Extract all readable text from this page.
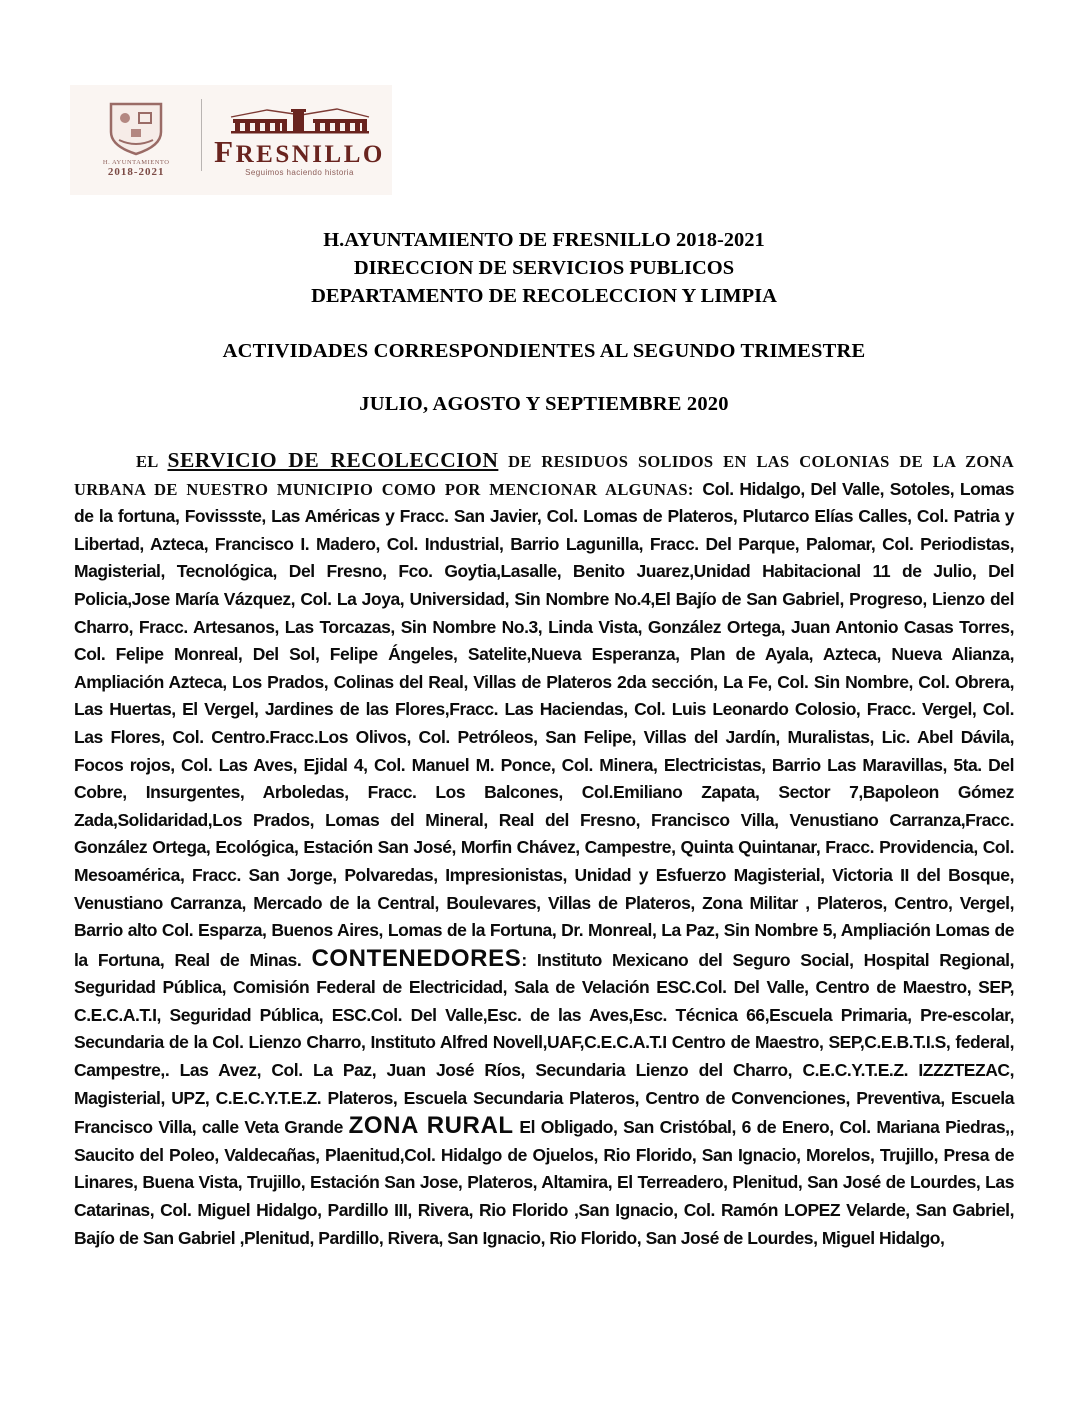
H. AYUNTAMIENTO
2018-2021
FRESNILLO
Seguimos haciendo historia
H.AYUNTAMIENTO DE FRESNILLO 2018-2021
DIRECCION DE SERVICIOS PUBLICOS
DEPARTAMENTO DE RECOLECCION Y LIMPIA
ACTIVIDADES CORRESPONDIENTES AL SEGUNDO TRIMESTRE
JULIO, AGOSTO Y SEPTIEMBRE 2020
EL SERVICIO DE RECOLECCION DE RESIDUOS SOLIDOS EN LAS COLONIAS DE LA ZONA URBANA DE NUESTRO MUNICIPIO COMO POR MENCIONAR ALGUNAS: Col. Hidalgo, Del Valle, Sotoles, Lomas de la fortuna, Fovissste, Las Américas y Fracc. San Javier, Col. Lomas de Plateros, Plutarco Elías Calles, Col. Patria y Libertad, Azteca, Francisco I. Madero, Col. Industrial, Barrio Lagunilla, Fracc. Del Parque, Palomar, Col. Periodistas, Magisterial, Tecnológica, Del Fresno, Fco. Goytia,Lasalle, Benito Juarez,Unidad Habitacional 11 de Julio, Del Policia,Jose María Vázquez, Col. La Joya, Universidad, Sin Nombre No.4,El Bajío de San Gabriel, Progreso, Lienzo del Charro, Fracc. Artesanos, Las Torcazas, Sin Nombre No.3, Linda Vista, González Ortega, Juan Antonio Casas Torres, Col. Felipe Monreal, Del Sol, Felipe Ángeles, Satelite,Nueva Esperanza, Plan de Ayala, Azteca, Nueva Alianza, Ampliación Azteca, Los Prados, Colinas del Real, Villas de Plateros 2da sección, La Fe, Col. Sin Nombre, Col. Obrera, Las Huertas, El Vergel, Jardines de las Flores,Fracc. Las Haciendas, Col. Luis Leonardo Colosio, Fracc. Vergel, Col. Las Flores, Col. Centro.Fracc.Los Olivos, Col. Petróleos, San Felipe, Villas del Jardín, Muralistas, Lic. Abel Dávila, Focos rojos, Col. Las Aves, Ejidal 4, Col. Manuel M. Ponce, Col. Minera, Electricistas, Barrio Las Maravillas, 5ta. Del Cobre, Insurgentes, Arboledas, Fracc. Los Balcones, Col.Emiliano Zapata, Sector 7,Bapoleon Gómez Zada,Solidaridad,Los Prados, Lomas del Mineral, Real del Fresno, Francisco Villa, Venustiano Carranza,Fracc. González Ortega, Ecológica, Estación San José, Morfin Chávez, Campestre, Quinta Quintanar, Fracc. Providencia, Col. Mesoamérica, Fracc. San Jorge, Polvaredas, Impresionistas, Unidad y Esfuerzo Magisterial, Victoria II del Bosque, Venustiano Carranza, Mercado de la Central, Boulevares, Villas de Plateros, Zona Militar , Plateros, Centro, Vergel, Barrio alto Col. Esparza, Buenos Aires, Lomas de la Fortuna, Dr. Monreal, La Paz, Sin Nombre 5, Ampliación Lomas de la Fortuna, Real de Minas. CONTENEDORES: Instituto Mexicano del Seguro Social, Hospital Regional, Seguridad Pública, Comisión Federal de Electricidad, Sala de Velación ESC.Col. Del Valle, Centro de Maestro, SEP, C.E.C.A.T.I, Seguridad Pública, ESC.Col. Del Valle,Esc. de las Aves,Esc. Técnica 66,Escuela Primaria, Pre-escolar, Secundaria de la Col. Lienzo Charro, Instituto Alfred Novell,UAF,C.E.C.A.T.I Centro de Maestro, SEP,C.E.B.T.I.S, federal, Campestre,. Las Avez, Col. La Paz, Juan José Ríos, Secundaria Lienzo del Charro, C.E.C.Y.T.E.Z. IZZZTEZAC, Magisterial, UPZ, C.E.C.Y.T.E.Z. Plateros, Escuela Secundaria Plateros, Centro de Convenciones, Preventiva, Escuela Francisco Villa, calle Veta Grande ZONA RURAL El Obligado, San Cristóbal, 6 de Enero, Col. Mariana Piedras,, Saucito del Poleo, Valdecañas, Plaenitud,Col. Hidalgo de Ojuelos, Rio Florido, San Ignacio, Morelos, Trujillo, Presa de Linares, Buena Vista, Trujillo, Estación San Jose, Plateros, Altamira, El Terreadero, Plenitud, San José de Lourdes, Las Catarinas, Col. Miguel Hidalgo, Pardillo III, Rivera, Rio Florido ,San Ignacio, Col. Ramón LOPEZ Velarde, San Gabriel, Bajío de San Gabriel ,Plenitud, Pardillo, Rivera, San Ignacio, Rio Florido, San José de Lourdes, Miguel Hidalgo,
